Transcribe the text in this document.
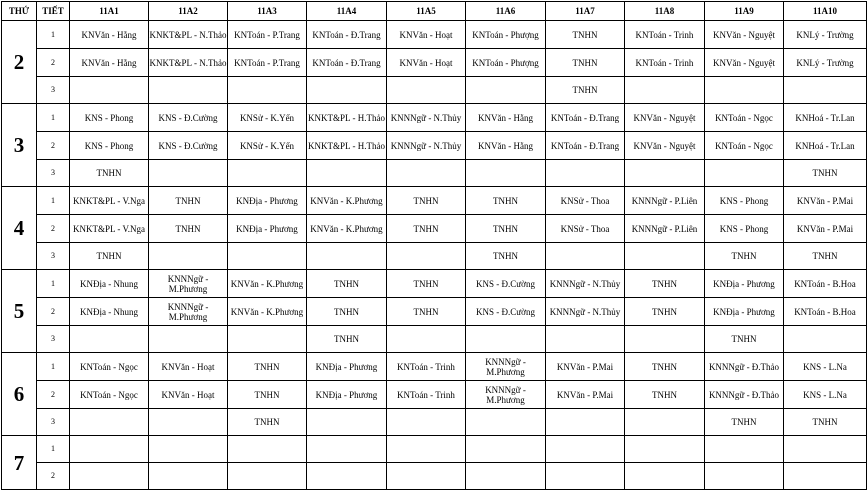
THỨ	TIẾT	11A1	11A2	11A3	11A4	11A5	11A6	11A7	11A8	11A9	11A10
2	1	KNVăn - Hằng	KNKT&PL - N.Thảo	KNToán - P.Trang	KNToán - Đ.Trang	KNVăn - Hoạt	KNToán - Phượng	TNHN	KNToán - Trinh	KNVăn - Nguyệt	KNLý - Trường
	2	KNVăn - Hằng	KNKT&PL - N.Thảo	KNToán - P.Trang	KNToán - Đ.Trang	KNVăn - Hoạt	KNToán - Phượng	TNHN	KNToán - Trinh	KNVăn - Nguyệt	KNLý - Trường
	3							TNHN			
3	1	KNS - Phong	KNS - Đ.Cường	KNSử - K.Yến	KNKT&PL - H.Thảo	KNNNgữ - N.Thủy	KNVăn - Hằng	KNToán - Đ.Trang	KNVăn - Nguyệt	KNToán - Ngọc	KNHoá - Tr.Lan
	2	KNS - Phong	KNS - Đ.Cường	KNSử - K.Yến	KNKT&PL - H.Thảo	KNNNgữ - N.Thủy	KNVăn - Hằng	KNToán - Đ.Trang	KNVăn - Nguyệt	KNToán - Ngọc	KNHoá - Tr.Lan
	3	TNHN									TNHN
4	1	KNKT&PL - V.Nga	TNHN	KNĐịa - Phương	KNVăn - K.Phương	TNHN	TNHN	KNSử - Thoa	KNNNgữ - P.Liên	KNS - Phong	KNVăn - P.Mai
	2	KNKT&PL - V.Nga	TNHN	KNĐịa - Phương	KNVăn - K.Phương	TNHN	TNHN	KNSử - Thoa	KNNNgữ - P.Liên	KNS - Phong	KNVăn - P.Mai
	3	TNHN					TNHN			TNHN	TNHN
5	1	KNĐịa - Nhung	KNNNgữ - M.Phương	KNVăn - K.Phương	TNHN	TNHN	KNS - Đ.Cường	KNNNgữ - N.Thủy	TNHN	KNĐịa - Phương	KNToán - B.Hoa
	2	KNĐịa - Nhung	KNNNgữ - M.Phương	KNVăn - K.Phương	TNHN	TNHN	KNS - Đ.Cường	KNNNgữ - N.Thủy	TNHN	KNĐịa - Phương	KNToán - B.Hoa
	3				TNHN					TNHN	
6	1	KNToán - Ngọc	KNVăn - Hoạt	TNHN	KNĐịa - Phương	KNToán - Trinh	KNNNgữ - M.Phương	KNVăn - P.Mai	TNHN	KNNNgữ - Đ.Thảo	KNS - L.Na
	2	KNToán - Ngọc	KNVăn - Hoạt	TNHN	KNĐịa - Phương	KNToán - Trinh	KNNNgữ - M.Phương	KNVăn - P.Mai	TNHN	KNNNgữ - Đ.Thảo	KNS - L.Na
	3			TNHN						TNHN	TNHN
7	1										
	2										
